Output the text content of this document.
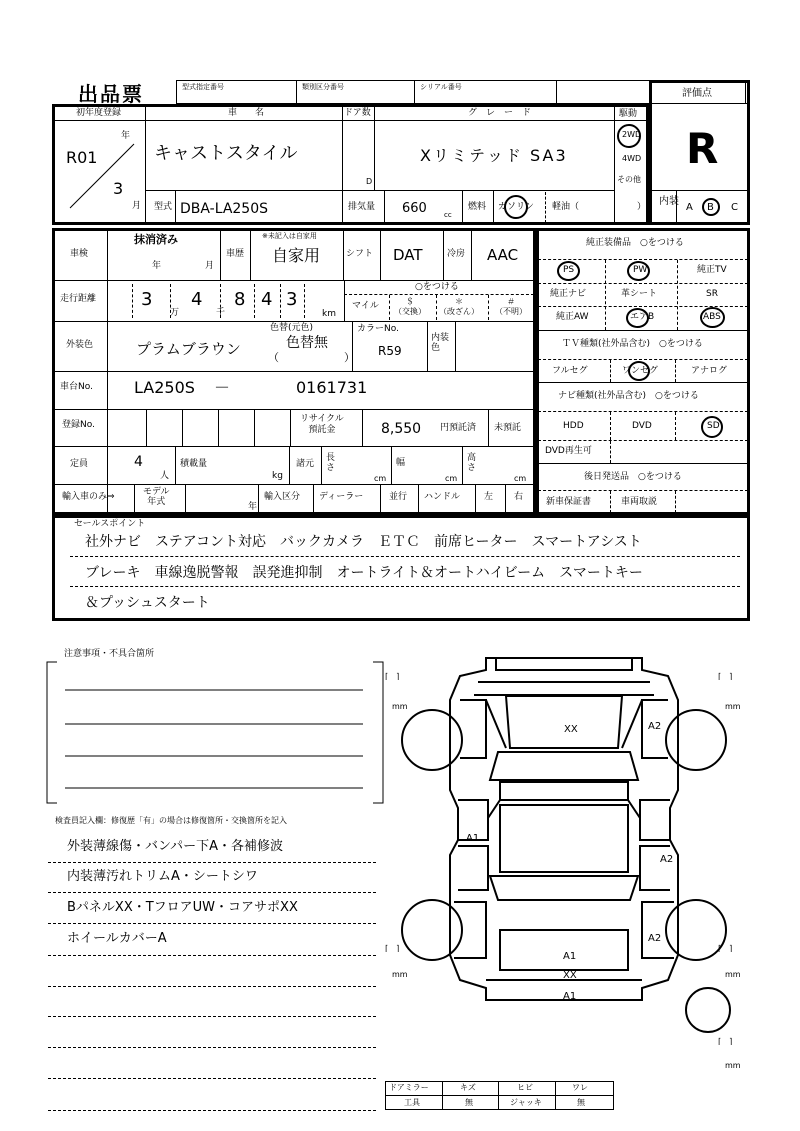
出品票	型式指定番号	類別区分番号	シリアル番号
評価点
R
内装
A B C
初年度登録	車　　名	ドア数	グ　レ　ー　ド	駆動
R01
年
3
月
キャストスタイル
D
Xリミテッド SA3
2WD
4WD
その他
型式 DBA-LA250S	排気量 660 cc
燃料 ガソリン 軽油（	）
車検
抹消済み
年	月
車歴
※未記入は自家用
自家用	シフト DAT	冷房 AAC
走行距離 3
万
4
千
8 4 3
km
○をつける
マイル	＄
（交換）
＊
（改ざん）
＃
（不明）
外装色	プラムブラウン
色替(元色)
色替無
（	）
カラーNo.
R59
内装
色
車台No.	LA250S －	0161731
登録No.
リサイクル
預託金	8,550 円預託済 未預託
定員	4
人
積載量
kg
諸元
長
さ
cm
幅
cm
高
さ
cm
輸入車のみ⇒	モデル
年式
年
輸入区分 ディーラー	並行 ハンドル	左 右
純正装備品　○をつける
PS	PW	純正TV
純正ナビ	革シート	SR
純正AW	エアB	ABS
ＴＶ種類(社外品含む)　○をつける
フルセグ	ワンセグ	アナログ
ナビ種類(社外品含む)　○をつける
HDD	DVD	SD
DVD再生可
後日発送品　○をつける
新車保証書	車両取説
セールスポイント
社外ナビ　ステアコント対応　バックカメラ　ＥＴＣ　前席ヒーター　スマートアシスト
ブレーキ　車線逸脱警報　誤発進抑制　オートライト＆オートハイビーム　スマートキー
＆プッシュスタート
注意事項・不具合箇所
検査員記入欄：修復歴「有」の場合は修復箇所・交換箇所を記入
外装薄線傷・バンパー下A・各補修波
内装薄汚れトリムA・シートシワ
BパネルXX・TフロアUW・コアサポXX
ホイールカバーA
⌈　⌉
mm
⌈　⌉
mm
⌈　⌉
mm
⌈　⌉
mm
⌈　⌉
mm
XX	A2
A1
A2
A2
A1
XX
A1
ドアミラー	キズ	ヒビ	ワレ
工具	無	ジャッキ	無
